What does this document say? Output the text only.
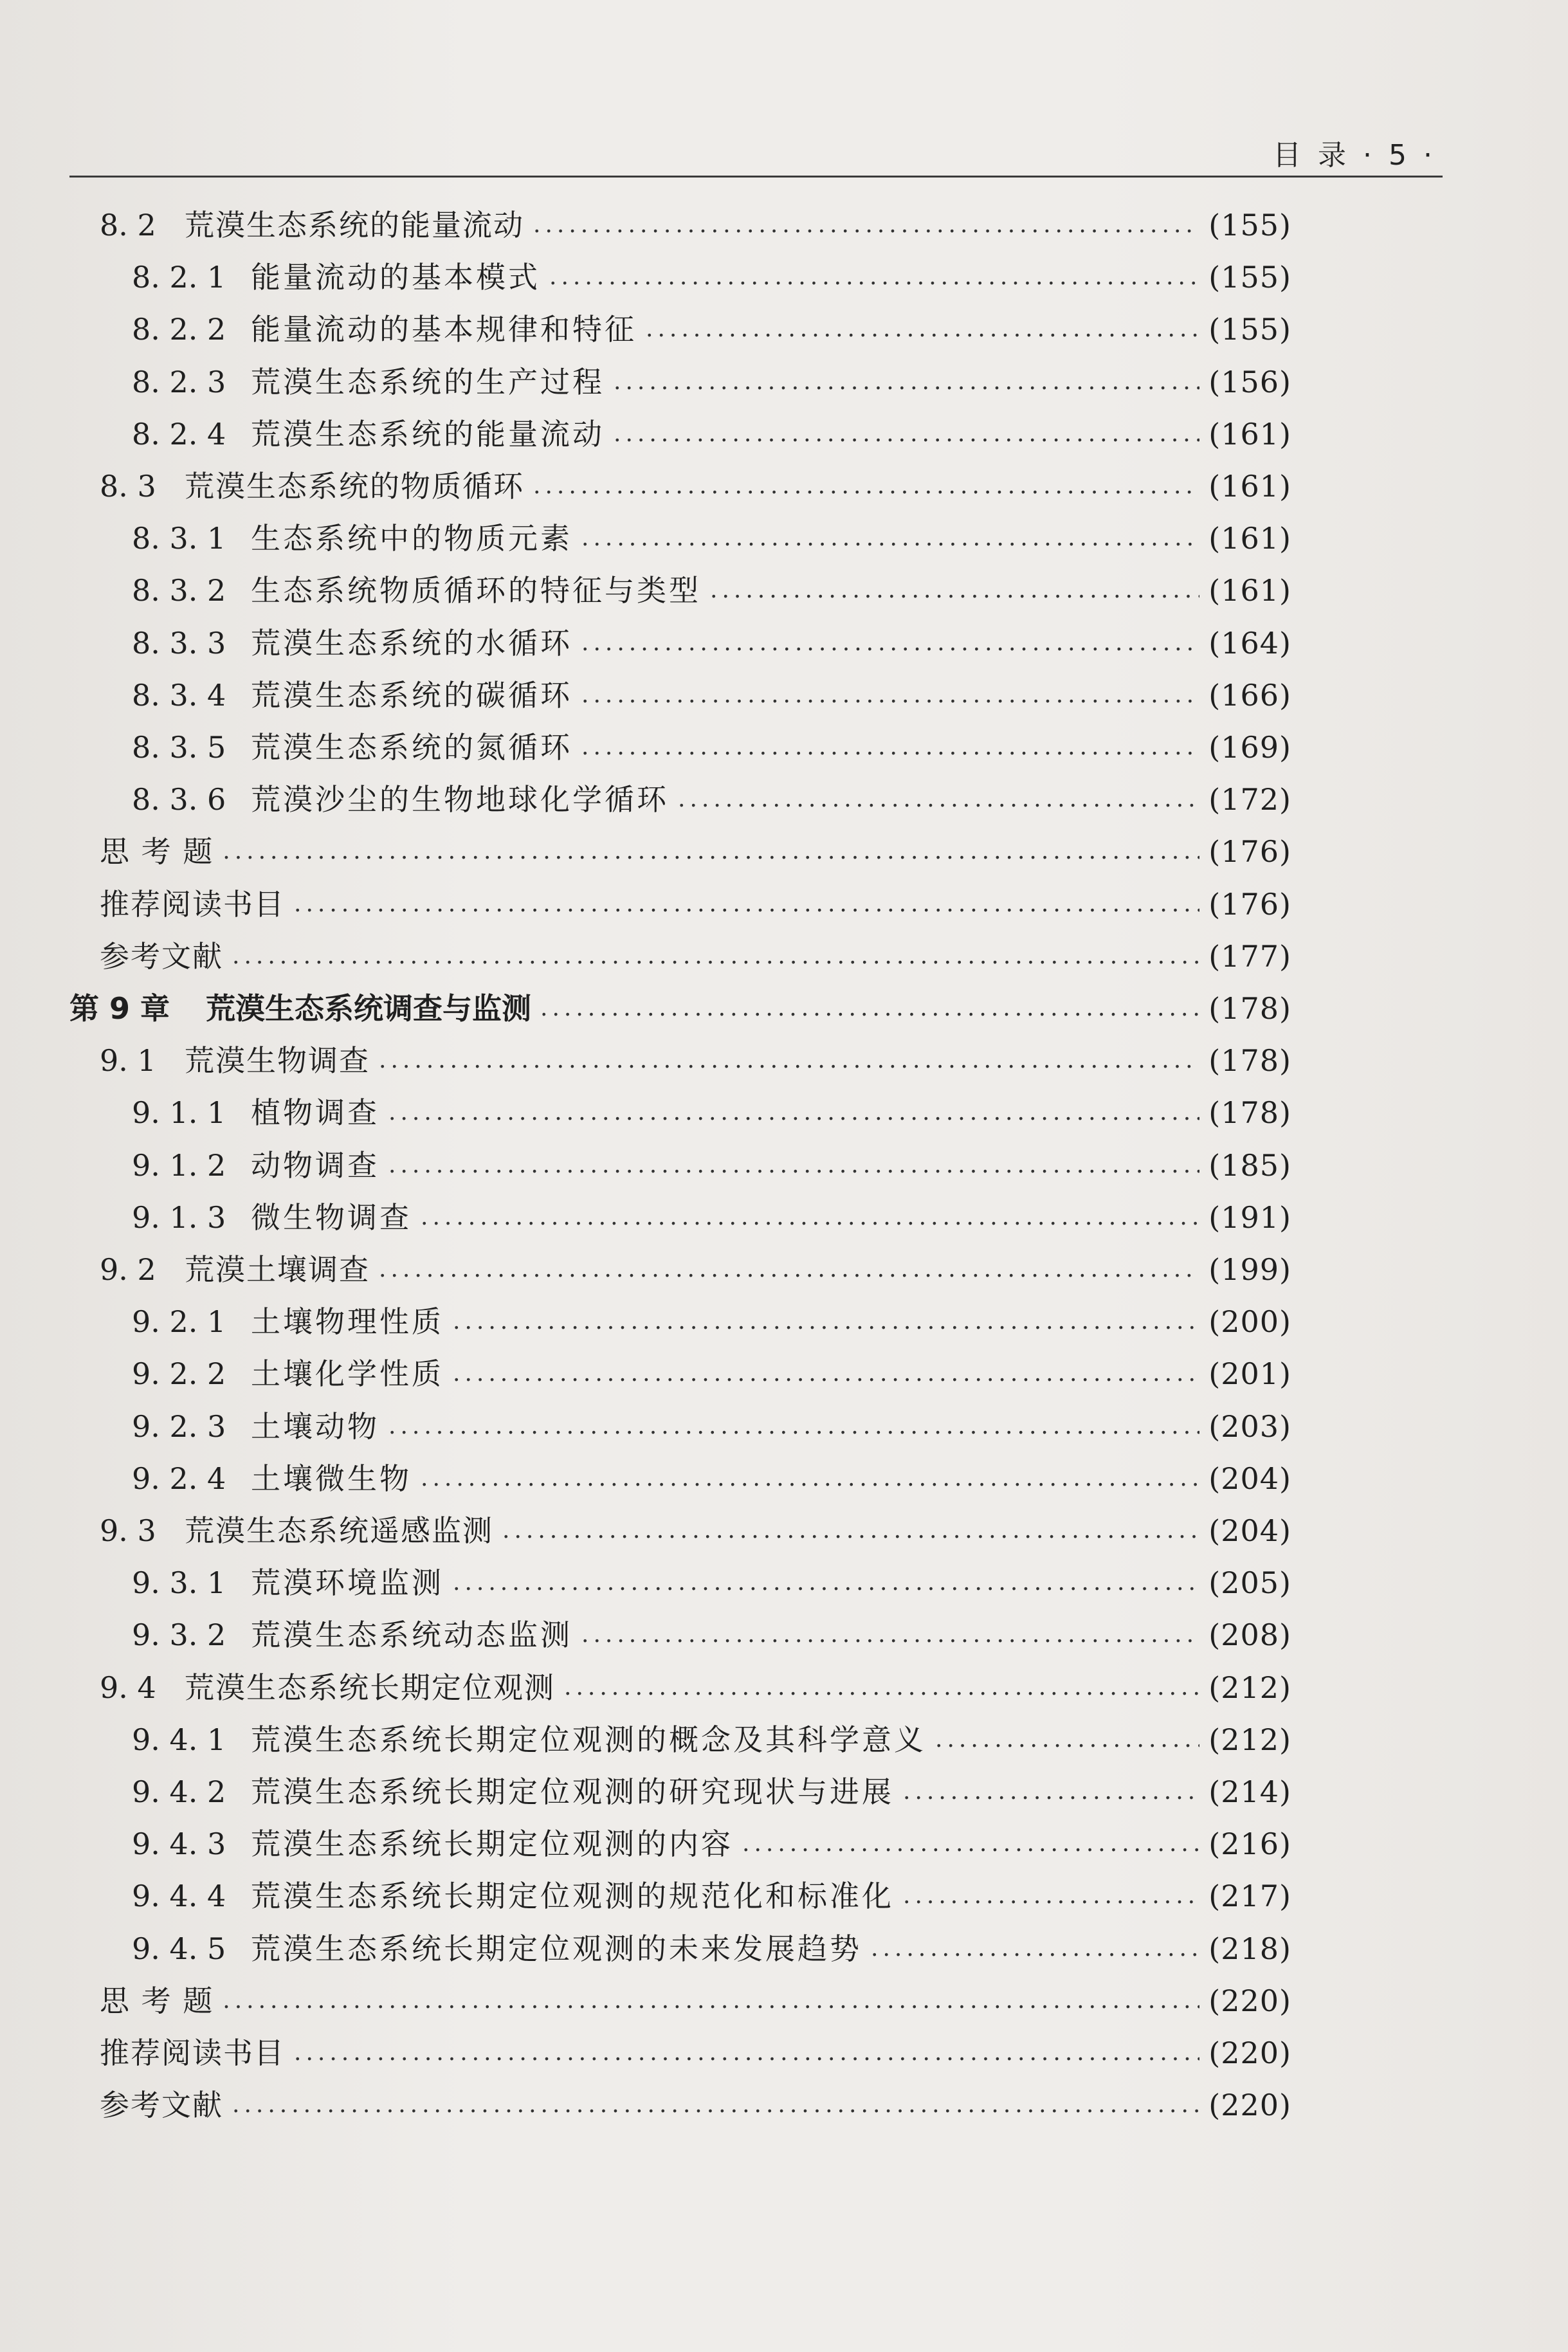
目 录 · 5 ·
8. 2 荒漠生态系统的能量流动 .....	(155)
8. 2. 1 能量流动的基本模式 .....	(155)
8. 2. 2 能量流动的基本规律和特征 .....	(155)
8. 2. 3 荒漠生态系统的生产过程 .....	(156)
8. 2. 4 荒漠生态系统的能量流动 .....	(161)
8. 3 荒漠生态系统的物质循环 .....	(161)
8. 3. 1 生态系统中的物质元素 .....	(161)
8. 3. 2 生态系统物质循环的特征与类型 .....	(161)
8. 3. 3 荒漠生态系统的水循环 .....	(164)
8. 3. 4 荒漠生态系统的碳循环 .....	(166)
8. 3. 5 荒漠生态系统的氮循环 .....	(169)
8. 3. 6 荒漠沙尘的生物地球化学循环 .....	(172)
思 考 题 .....	(176)
推荐阅读书目 .....	(176)
参考文献 .....	(177)
第 9 章	荒漠生态系统调查与监测 .....	(178)
9. 1 荒漠生物调查 .....	(178)
9. 1. 1 植物调查 .....	(178)
9. 1. 2 动物调查 .....	(185)
9. 1. 3 微生物调查 .....	(191)
9. 2 荒漠土壤调查 .....	(199)
9. 2. 1 土壤物理性质 .....	(200)
9. 2. 2 土壤化学性质 .....	(201)
9. 2. 3 土壤动物 .....	(203)
9. 2. 4 土壤微生物 .....	(204)
9. 3 荒漠生态系统遥感监测 .....	(204)
9. 3. 1 荒漠环境监测 .....	(205)
9. 3. 2 荒漠生态系统动态监测 .....	(208)
9. 4 荒漠生态系统长期定位观测 .....	(212)
9. 4. 1 荒漠生态系统长期定位观测的概念及其科学意义 .....	(212)
9. 4. 2 荒漠生态系统长期定位观测的研究现状与进展 .....	(214)
9. 4. 3 荒漠生态系统长期定位观测的内容 .....	(216)
9. 4. 4 荒漠生态系统长期定位观测的规范化和标准化 .....	(217)
9. 4. 5 荒漠生态系统长期定位观测的未来发展趋势 .....	(218)
思 考 题 .....	(220)
推荐阅读书目 .....	(220)
参考文献 .....	(220)
